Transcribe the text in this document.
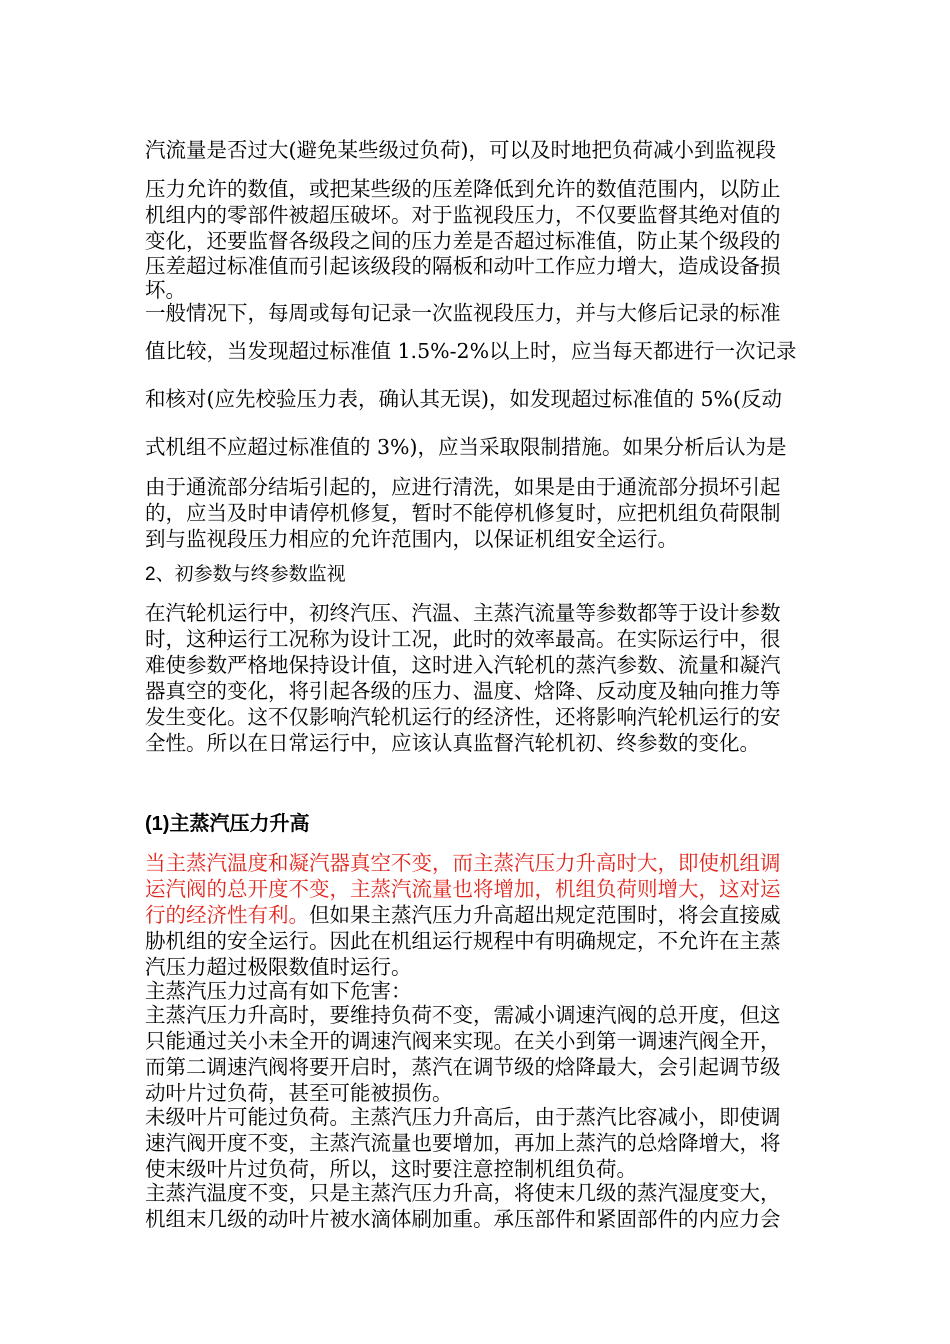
汽流量是否过大(避免某些级过负荷)，可以及时地把负荷减小到监视段
压力允许的数值，或把某些级的压差降低到允许的数值范围内，以防止
机组内的零部件被超压破坏。对于监视段压力，不仅要监督其绝对值的
变化，还要监督各级段之间的压力差是否超过标准值，防止某个级段的
压差超过标准值而引起该级段的隔板和动叶工作应力增大，造成设备损
坏。
一般情况下，每周或每旬记录一次监视段压力，并与大修后记录的标准
值比较，当发现超过标准值 1.5%-2%以上时，应当每天都进行一次记录
和核对(应先校验压力表，确认其无误)，如发现超过标准值的 5%(反动
式机组不应超过标准值的 3%)，应当采取限制措施。如果分析后认为是
由于通流部分结垢引起的，应进行清洗，如果是由于通流部分损坏引起
的，应当及时申请停机修复，暂时不能停机修复时，应把机组负荷限制
到与监视段压力相应的允许范围内，以保证机组安全运行。
2、初参数与终参数监视
在汽轮机运行中，初终汽压、汽温、主蒸汽流量等参数都等于设计参数
时，这种运行工况称为设计工况，此时的效率最高。在实际运行中，很
难使参数严格地保持设计值，这时进入汽轮机的蒸汽参数、流量和凝汽
器真空的变化，将引起各级的压力、温度、焓降、反动度及轴向推力等
发生变化。这不仅影响汽轮机运行的经济性，还将影响汽轮机运行的安
全性。所以在日常运行中，应该认真监督汽轮机初、终参数的变化。
(1)主蒸汽压力升高
当主蒸汽温度和凝汽器真空不变，而主蒸汽压力升高时大，即使机组调
运汽阀的总开度不变，主蒸汽流量也将增加，机组负荷则增大，这对运
行的经济性有利。但如果主蒸汽压力升高超出规定范围时，将会直接威
胁机组的安全运行。因此在机组运行规程中有明确规定，不允许在主蒸
汽压力超过极限数值时运行。
主蒸汽压力过高有如下危害：
主蒸汽压力升高时，要维持负荷不变，需减小调速汽阀的总开度，但这
只能通过关小未全开的调速汽阀来实现。在关小到第一调速汽阀全开，
而第二调速汽阀将要开启时，蒸汽在调节级的焓降最大，会引起调节级
动叶片过负荷，甚至可能被损伤。
未级叶片可能过负荷。主蒸汽压力升高后，由于蒸汽比容减小，即使调
速汽阀开度不变，主蒸汽流量也要增加，再加上蒸汽的总焓降增大，将
使末级叶片过负荷，所以，这时要注意控制机组负荷。
主蒸汽温度不变，只是主蒸汽压力升高，将使末几级的蒸汽湿度变大，
机组末几级的动叶片被水滴体刷加重。承压部件和紧固部件的内应力会
